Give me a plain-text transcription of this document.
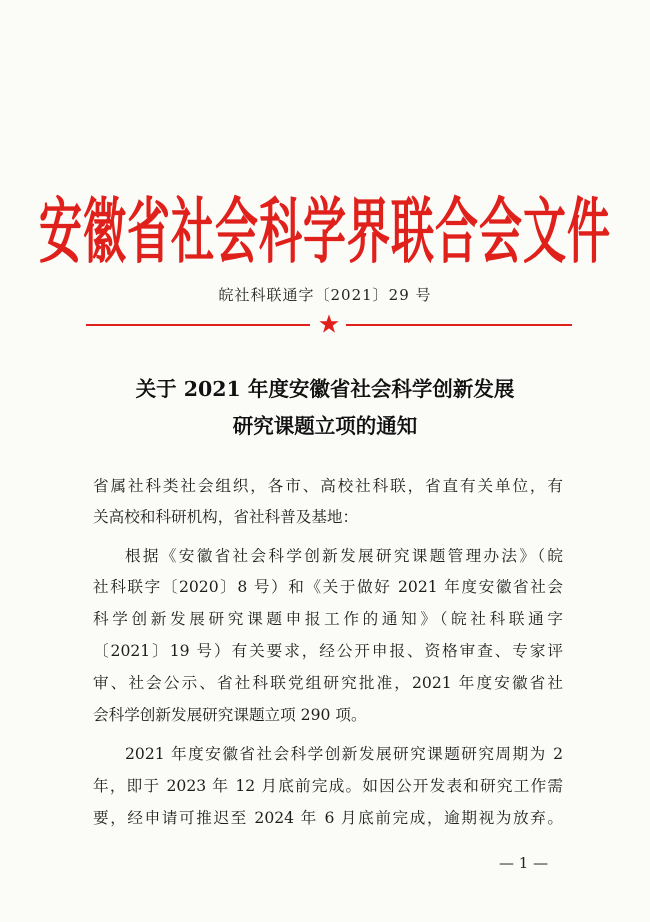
安徽省社会科学界联合会文件
皖社科联通字〔2021〕29 号
关于 2021 年度安徽省社会科学创新发展
研究课题立项的通知
省属社科类社会组织，各市、高校社科联，省直有关单位，有
关高校和科研机构，省社科普及基地：
根据《安徽省社会科学创新发展研究课题管理办法》（皖
社科联字〔2020〕8 号）和《关于做好 2021 年度安徽省社会
科学创新发展研究课题申报工作的通知》（皖社科联通字
〔2021〕19 号）有关要求，经公开申报、资格审查、专家评
审、社会公示、省社科联党组研究批准，2021 年度安徽省社
会科学创新发展研究课题立项 290 项。
2021 年度安徽省社会科学创新发展研究课题研究周期为 2
年，即于 2023 年 12 月底前完成。如因公开发表和研究工作需
要，经申请可推迟至 2024 年 6 月底前完成，逾期视为放弃。
— 1 —
